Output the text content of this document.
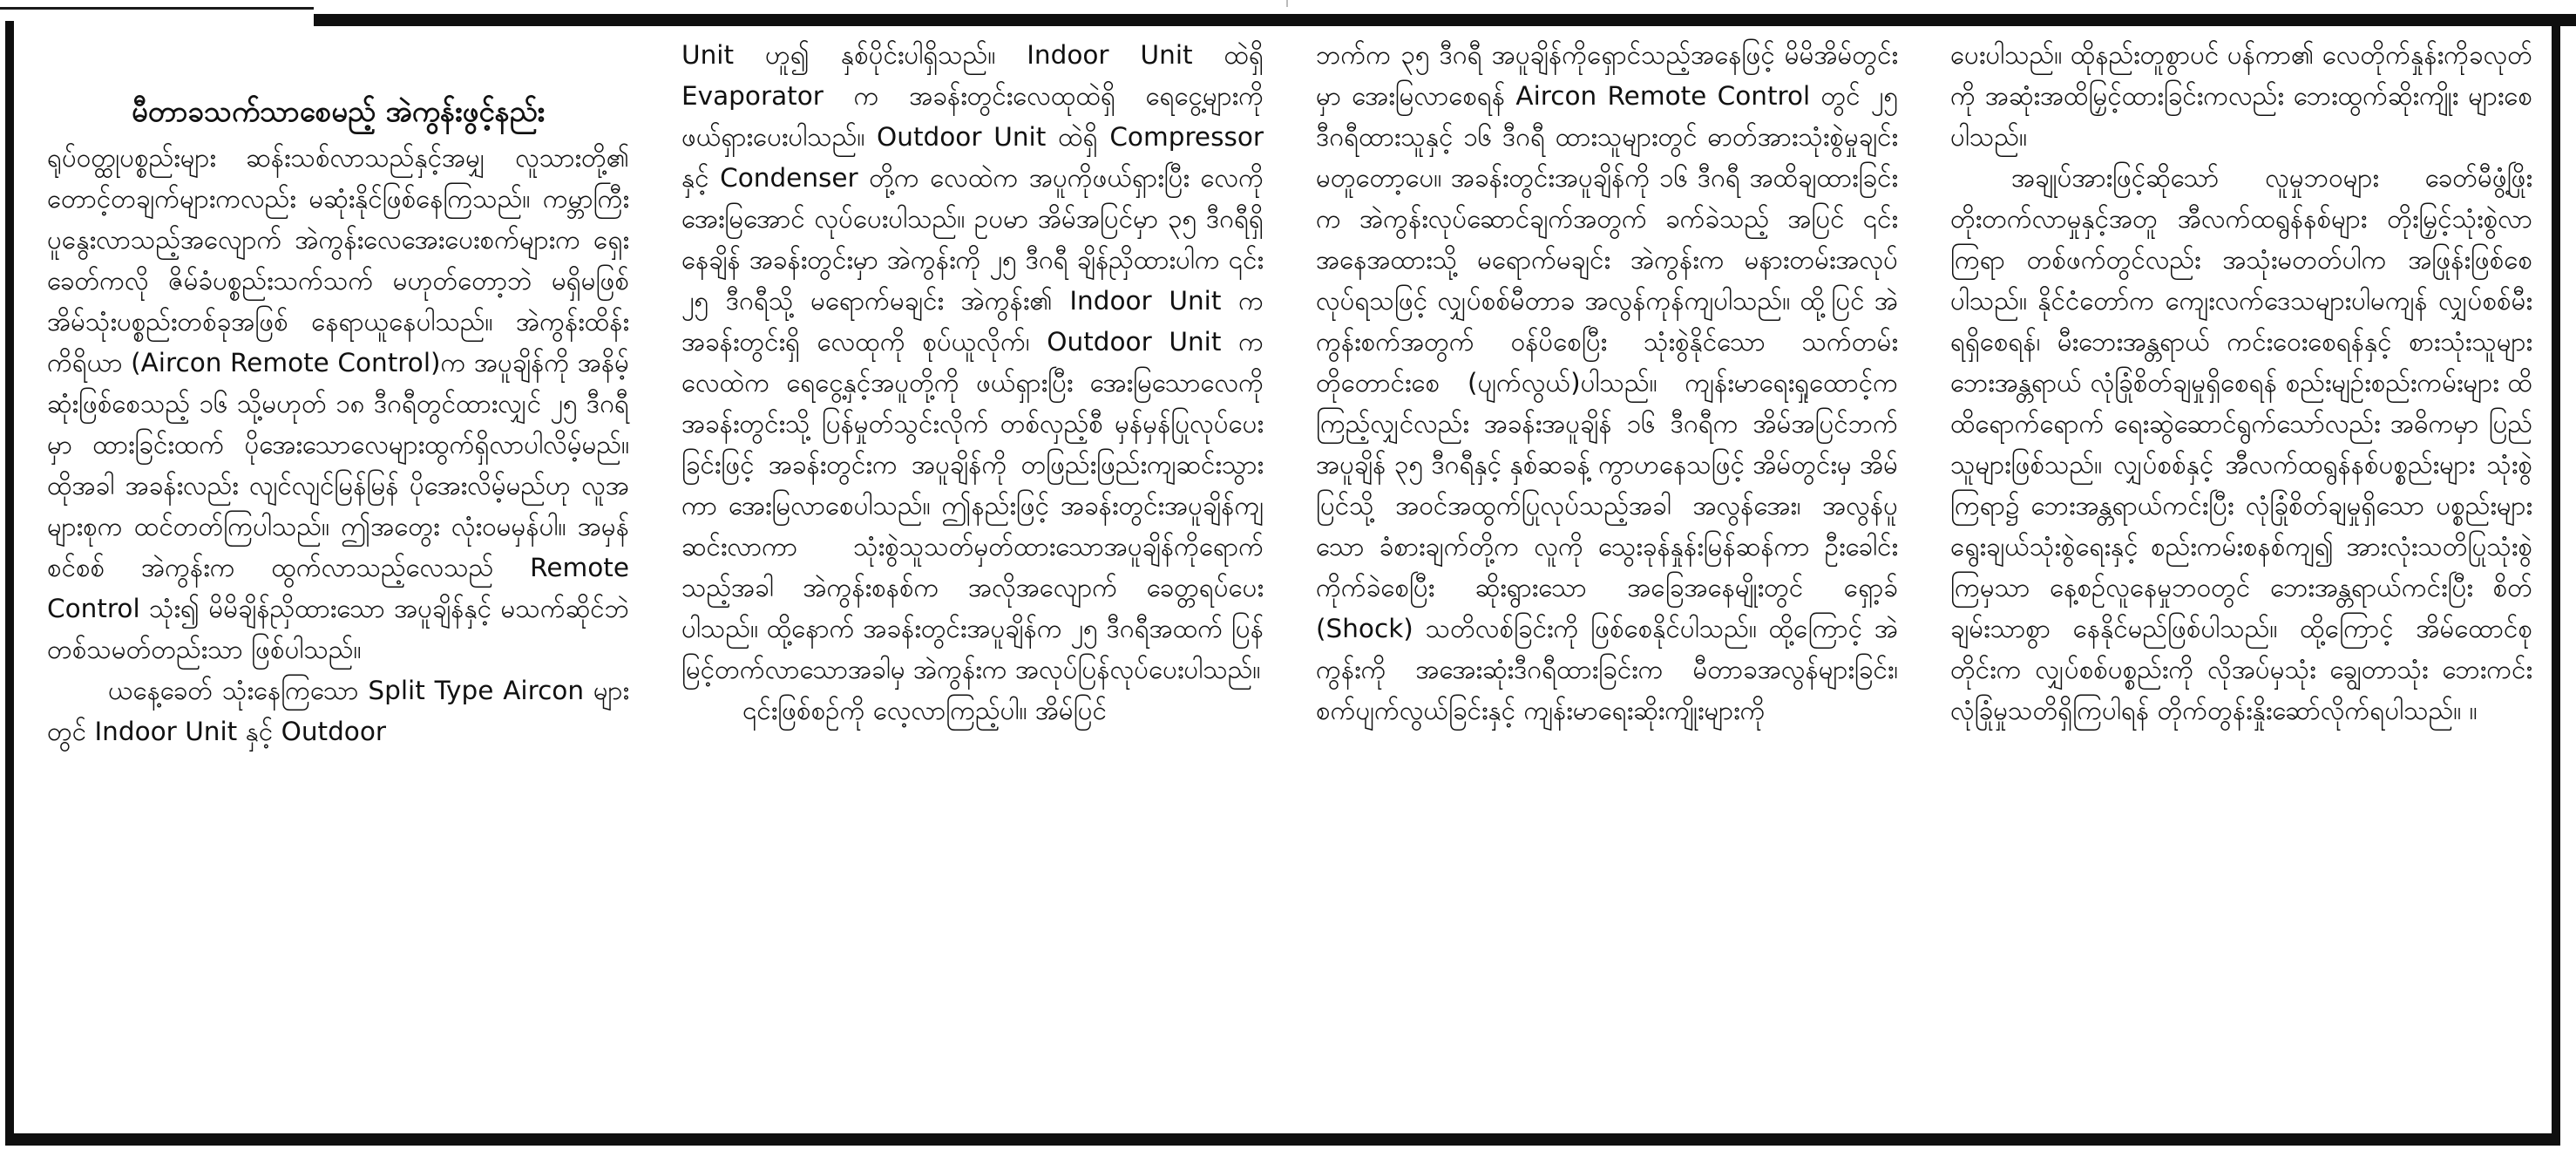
မီတာခသက်သာစေမည့် အဲကွန်းဖွင့်နည်း

ရုပ်ဝတ္ထုပစ္စည်းများ ဆန်းသစ်လာသည်နှင့်အမျှ လူသားတို့၏ တောင့်တချက်များကလည်း မဆုံးနိုင်ဖြစ်နေကြသည်။ ကမ္ဘာကြီးပူနွေးလာသည့်အလျောက် အဲကွန်းလေအေးပေးစက်များက ရှေးခေတ်ကလို ဇိမ်ခံပစ္စည်းသက်သက် မဟုတ်တော့ဘဲ မရှိမဖြစ် အိမ်သုံးပစ္စည်းတစ်ခုအဖြစ် နေရာယူနေပါသည်။ အဲကွန်းထိန်းကိရိယာ (Aircon Remote Control)က အပူချိန်ကို အနိမ့်ဆုံးဖြစ်စေသည့် ၁၆ သို့မဟုတ် ၁၈ ဒီဂရီတွင်ထားလျှင် ၂၅ ဒီဂရီမှာ ထားခြင်းထက် ပိုအေးသောလေများထွက်ရှိလာပါလိမ့်မည်။ ထိုအခါ အခန်းလည်း လျင်လျင်မြန်မြန် ပိုအေးလိမ့်မည်ဟု လူအများစုက ထင်တတ်ကြပါသည်။ ဤအတွေး လုံးဝမမှန်ပါ။ အမှန်စင်စစ် အဲကွန်းက ထွက်လာသည့်လေသည် Remote Control သုံး၍ မိမိချိန်ညှိထားသော အပူချိန်နှင့် မသက်ဆိုင်ဘဲ တစ်သမတ်တည်းသာ ဖြစ်ပါသည်။

ယနေ့ခေတ် သုံးနေကြသော Split Type Aircon များတွင် Indoor Unit နှင့် Outdoor

Unit ဟူ၍ နှစ်ပိုင်းပါရှိသည်။ Indoor Unit ထဲရှိ Evaporator က အခန်းတွင်းလေထုထဲရှိ ရေငွေ့များကို ဖယ်ရှားပေးပါသည်။ Outdoor Unit ထဲရှိ Compressor နှင့် Condenser တို့က လေထဲက အပူကိုဖယ်ရှားပြီး လေကိုအေးမြအောင် လုပ်ပေးပါသည်။ ဥပမာ အိမ်အပြင်မှာ ၃၅ ဒီဂရီရှိနေချိန် အခန်းတွင်းမှာ အဲကွန်းကို ၂၅ ဒီဂရီ ချိန်ညှိထားပါက ၎င်း ၂၅ ဒီဂရီသို့ မရောက်မချင်း အဲကွန်း၏ Indoor Unit က အခန်းတွင်းရှိ လေထုကို စုပ်ယူလိုက်၊ Outdoor Unit က လေထဲက ရေငွေ့နှင့်အပူတို့ကို ဖယ်ရှားပြီး အေးမြသောလေကို အခန်းတွင်းသို့ ပြန်မှုတ်သွင်းလိုက် တစ်လှည့်စီ မှန်မှန်ပြုလုပ်ပေးခြင်းဖြင့် အခန်းတွင်းက အပူချိန်ကို တဖြည်းဖြည်းကျဆင်းသွားကာ အေးမြလာစေပါသည်။ ဤနည်းဖြင့် အခန်းတွင်းအပူချိန်ကျဆင်းလာကာ သုံးစွဲသူသတ်မှတ်ထားသောအပူချိန်ကိုရောက်သည့်အခါ အဲကွန်းစနစ်က အလိုအလျောက် ခေတ္တရပ်ပေးပါသည်။ ထို့နောက် အခန်းတွင်းအပူချိန်က ၂၅ ဒီဂရီအထက် ပြန်မြင့်တက်လာသောအခါမှ အဲကွန်းက အလုပ်ပြန်လုပ်ပေးပါသည်။

၎င်းဖြစ်စဉ်ကို လေ့လာကြည့်ပါ။ အိမ်ပြင်

ဘက်က ၃၅ ဒီဂရီ အပူချိန်ကိုရှောင်သည့်အနေဖြင့် မိမိအိမ်တွင်းမှာ အေးမြလာစေရန် Aircon Remote Control တွင် ၂၅ ဒီဂရီထားသူနှင့် ၁၆ ဒီဂရီ ထားသူများတွင် ဓာတ်အားသုံးစွဲမှုချင်း မတူတော့ပေ။ အခန်းတွင်းအပူချိန်ကို ၁၆ ဒီဂရီ အထိချထားခြင်းက အဲကွန်းလုပ်ဆောင်ချက်အတွက် ခက်ခဲသည့် အပြင် ၎င်းအနေအထားသို့ မရောက်မချင်း အဲကွန်းက မနားတမ်းအလုပ်လုပ်ရသဖြင့် လျှပ်စစ်မီတာခ အလွန်ကုန်ကျပါသည်။ ထို့ပြင် အဲကွန်းစက်အတွက် ဝန်ပိစေပြီး သုံးစွဲနိုင်သော သက်တမ်းတိုတောင်းစေ (ပျက်လွယ်)ပါသည်။ ကျန်းမာရေးရှုထောင့်က ကြည့်လျှင်လည်း အခန်းအပူချိန် ၁၆ ဒီဂရီက အိမ်အပြင်ဘက် အပူချိန် ၃၅ ဒီဂရီနှင့် နှစ်ဆခန့် ကွာဟနေသဖြင့် အိမ်တွင်းမှ အိမ်ပြင်သို့ အဝင်အထွက်ပြုလုပ်သည့်အခါ အလွန်အေး၊ အလွန်ပူသော ခံစားချက်တို့က လူကို သွေးခုန်နှုန်းမြန်ဆန်ကာ ဦးခေါင်းကိုက်ခဲစေပြီး ဆိုးရွားသော အခြေအနေမျိုးတွင် ရှော့ခ် (Shock) သတိလစ်ခြင်းကို ဖြစ်စေနိုင်ပါသည်။ ထို့ကြောင့် အဲကွန်းကို အအေးဆုံးဒီဂရီထားခြင်းက မီတာခအလွန်များခြင်း၊ စက်ပျက်လွယ်ခြင်းနှင့် ကျန်းမာရေးဆိုးကျိုးများကို

ပေးပါသည်။ ထိုနည်းတူစွာပင် ပန်ကာ၏ လေတိုက်နှုန်းကိုခလုတ်ကို အဆုံးအထိမြှင့်ထားခြင်းကလည်း ဘေးထွက်ဆိုးကျိုး များစေပါသည်။

အချုပ်အားဖြင့်ဆိုသော် လူမှုဘဝများ ခေတ်မီဖွံ့ဖြိုးတိုးတက်လာမှုနှင့်အတူ အီလက်ထရွန်နစ်များ တိုးမြှင့်သုံးစွဲလာကြရာ တစ်ဖက်တွင်လည်း အသုံးမတတ်ပါက အဖြုန်းဖြစ်စေပါသည်။ နိုင်ငံတော်က ကျေးလက်ဒေသများပါမကျန် လျှပ်စစ်မီးရရှိစေရန်၊ မီးဘေးအန္တရာယ် ကင်းဝေးစေရန်နှင့် စားသုံးသူများ ဘေးအန္တရာယ် လုံခြုံစိတ်ချမှုရှိစေရန် စည်းမျဉ်းစည်းကမ်းများ ထိထိရောက်ရောက် ရေးဆွဲဆောင်ရွက်သော်လည်း အဓိကမှာ ပြည်သူများဖြစ်သည်။ လျှပ်စစ်နှင့် အီလက်ထရွန်နစ်ပစ္စည်းများ သုံးစွဲကြရာ၌ ဘေးအန္တရာယ်ကင်းပြီး လုံခြုံစိတ်ချမှုရှိသော ပစ္စည်းများရွေးချယ်သုံးစွဲရေးနှင့် စည်းကမ်းစနစ်ကျ၍ အားလုံးသတိပြုသုံးစွဲကြမှသာ နေ့စဉ်လူနေမှုဘဝတွင် ဘေးအန္တရာယ်ကင်းပြီး စိတ်ချမ်းသာစွာ နေနိုင်မည်ဖြစ်ပါသည်။ ထို့ကြောင့် အိမ်ထောင်စုတိုင်းက လျှပ်စစ်ပစ္စည်းကို လိုအပ်မှသုံး ချွေတာသုံး ဘေးကင်းလုံခြုံမှုသတိရှိကြပါရန် တိုက်တွန်းနှိုးဆော်လိုက်ရပါသည်။ ။
